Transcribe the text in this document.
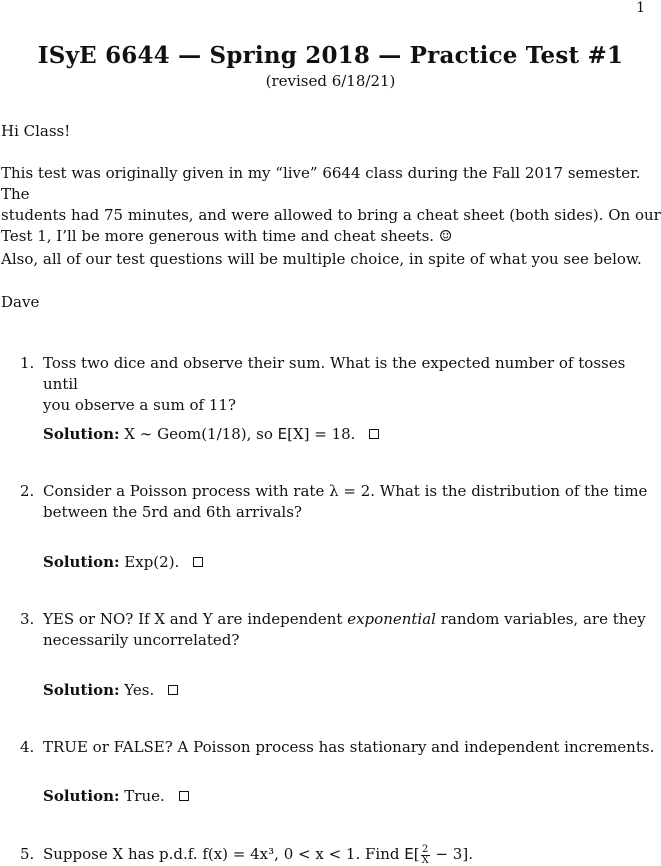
1
ISyE 6644 — Spring 2018 — Practice Test #1
(revised 6/18/21)
Hi Class!
This test was originally given in my “live” 6644 class during the Fall 2017 semester. The
students had 75 minutes, and were allowed to bring a cheat sheet (both sides). On our
Test 1, I’ll be more generous with time and cheat sheets. ☺
Also, all of our test questions will be multiple choice, in spite of what you see below.
Dave
1. Toss two dice and observe their sum. What is the expected number of tosses until
you observe a sum of 11?
Solution: X ∼ Geom(1/18), so E[X] = 18.
2. Consider a Poisson process with rate λ = 2. What is the distribution of the time
between the 5rd and 6th arrivals?
Solution: Exp(2).
3. YES or NO? If X and Y are independent exponential random variables, are they
necessarily uncorrelated?
Solution: Yes.
4. TRUE or FALSE? A Poisson process has stationary and independent increments.
Solution: True.
5. Suppose X has p.d.f. f(x) = 4x³, 0 < x < 1. Find $E[ \frac{2}{X} - 3]$.
